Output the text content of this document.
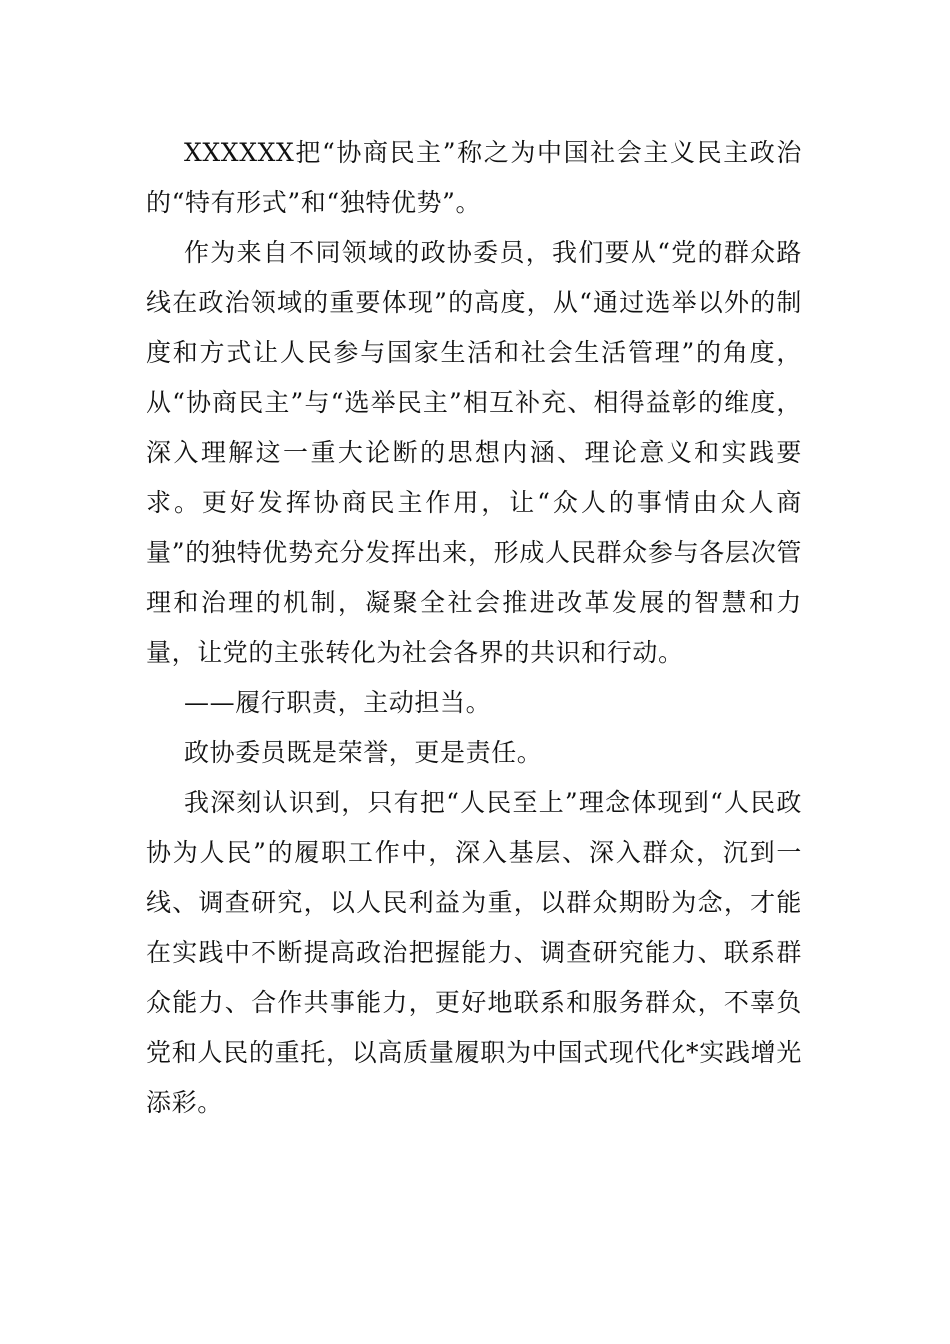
XXXXXX把“协商民主”称之为中国社会主义民主政治的“特有形式”和“独特优势”。

作为来自不同领域的政协委员，我们要从“党的群众路线在政治领域的重要体现”的高度，从“通过选举以外的制度和方式让人民参与国家生活和社会生活管理”的角度，从“协商民主”与“选举民主”相互补充、相得益彰的维度，深入理解这一重大论断的思想内涵、理论意义和实践要求。更好发挥协商民主作用，让“众人的事情由众人商量”的独特优势充分发挥出来，形成人民群众参与各层次管理和治理的机制，凝聚全社会推进改革发展的智慧和力量，让党的主张转化为社会各界的共识和行动。

——履行职责，主动担当。

政协委员既是荣誉，更是责任。

我深刻认识到，只有把“人民至上”理念体现到“人民政协为人民”的履职工作中，深入基层、深入群众，沉到一线、调查研究，以人民利益为重，以群众期盼为念，才能在实践中不断提高政治把握能力、调查研究能力、联系群众能力、合作共事能力，更好地联系和服务群众，不辜负党和人民的重托，以高质量履职为中国式现代化*实践增光添彩。
